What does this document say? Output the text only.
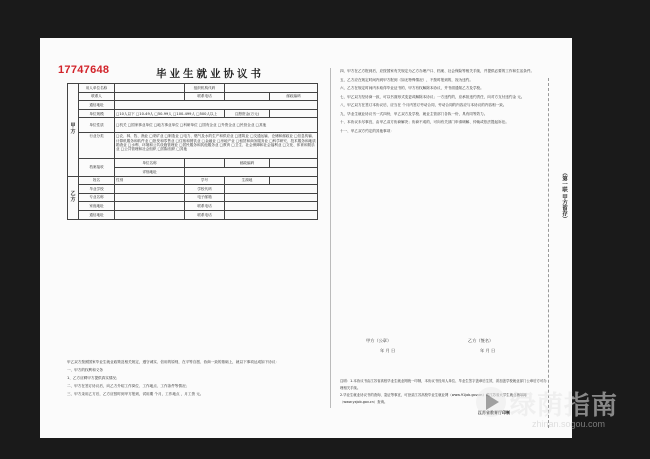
17747648	毕业生就业协议书
甲方	用人单位名称		组织机构代码		
	联系人		联系电话		邮政编码
	通信地址				
	单位规模	□10人以下 □10-49人 □50-99人 □100-499人 □500人以上		注册资金(万元)	
	单位性质	□机关 □国家事业单位 □地方事业单位 □科研单位 □国有企业 □外资企业 □民营企业 □其他			
	行业分类	□农、林、牧、渔业 □采矿业 □制造业 □电力、燃气及水的生产和供应业 □建筑业 □交通运输、仓储和邮政业 □信息传输、计算机服务和软件业 □批发和零售业 □住宿和餐饮业 □金融业 □房地产业 □租赁和商务服务业 □科学研究、技术服务和地质勘查业 □水利、环境和公共设施管理业 □居民服务和其他服务业 □教育 □卫生、社会保障和社会福利业 □文化、体育和娱乐业 □公共管理和社会组织 □国际组织 □其他			
	档案接收	单位名称		邮政编码	
		详细地址			
乙方	姓名	性别	学号	生源地	
	毕业学校		学校代码		
	专业名称		电子邮箱		
	家庭地址		联系电话		
	通信地址		联系电话		

甲乙双方按照国家毕业生就业政策及相关规定，遵守诚实、信用的原则，在平等自愿、协商一致的基础上，就以下事项达成如下协议：

一、甲方的权利和义务

1、乙方应聘甲方提供真实情况；

二、甲方在签订协议后，向乙方介绍工作岗位、工作地点、工作条件等情况；

三、甲方录用乙方后，乙方应按时到甲方报到，试用期 个月，工作地点 ，月工资 元。

四、甲方在乙方报到后，应按国家有关规定为乙方办理户口、档案、社会保险等相关手续，并提供必要的工作和生活条件。

五、乙方应在规定时间内到甲方报到（如无特殊情况），不按时报到的，视为违约。

六、乙方在规定时间内未取得毕业证书的，甲方有权解除本协议，并书面通知乙方及学校。

七、甲乙双方经协商一致，可以书面形式变更或解除本协议；一方违约的，应承担违约责任，向对方支付违约金 元。

八、甲乙双方在签订本协议后，应当在 个月内签订劳动合同，劳动合同的内容应与本协议的内容相一致。

九、毕业生就业协议书一式四份，甲乙双方及学校、就业主管部门各执一份，具有同等效力。

十、本协议未尽事宜，由甲乙双方协商解决；协商不成的，可向有关部门申请调解、仲裁或依法提起诉讼。

十一、甲乙双方约定的其他事项：

甲方（公章）	乙方（签名）
年 月 日	年 月 日

注明：1.本协议书由江苏省高校毕业生就业网统一印制，本协议书经用人单位、毕业生签字盖章后生效，须加盖学校就业部门公章后方可办理相关手续。

2.毕业生就业协议书的查询、鉴证等事宜，可登录江苏高校毕业生就业网（www.91job.gov.cn）或江苏省大学生就业指导网（www.yxjob.gov.cn）查询。

江苏省教育厅印制
（第一联 甲方留存）
绿荫指南
zhinan.sogou.com
